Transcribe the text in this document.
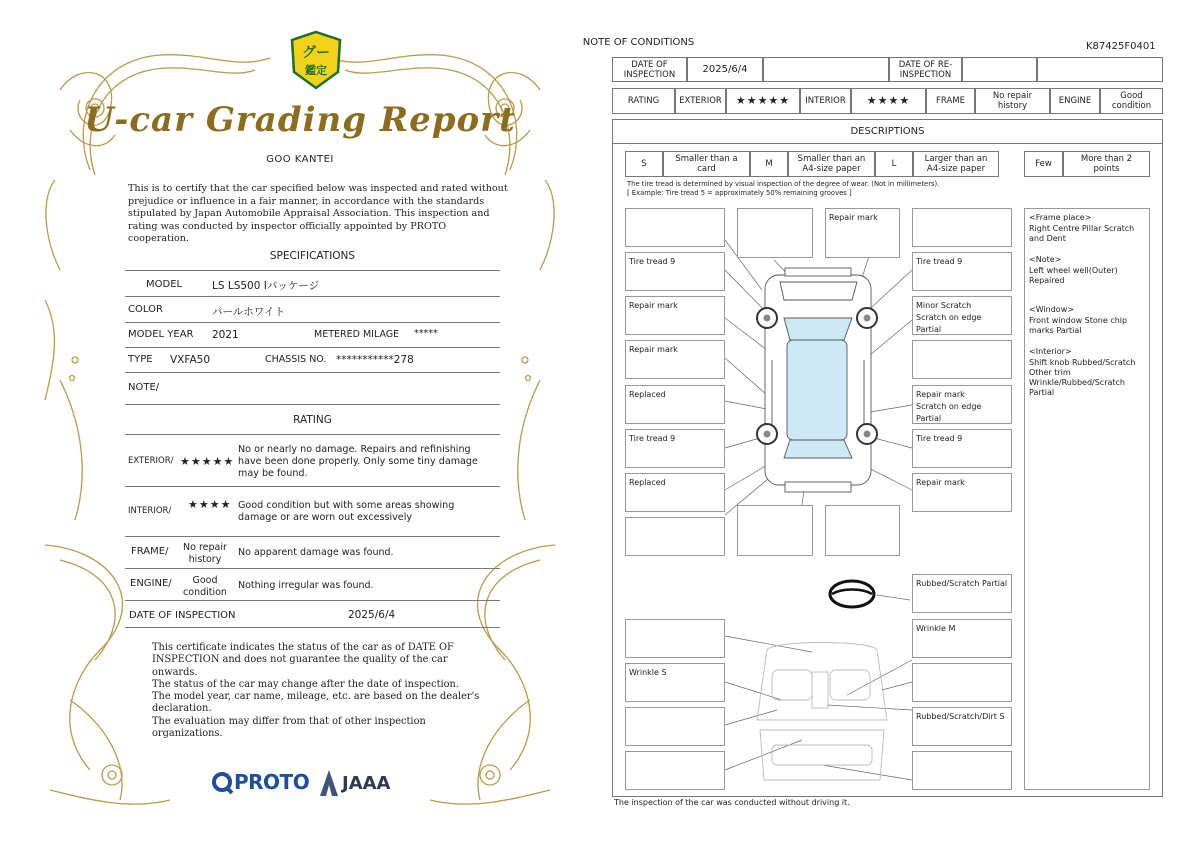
グー
鑑定
U-car Grading Report
GOO KANTEI
This is to certify that the car specified below was inspected and rated without prejudice or influence in a fair manner, in accordance with the standards stipulated by Japan Automobile Appraisal Association. This inspection and rating was conducted by inspector officially appointed by PROTO cooperation.
SPECIFICATIONS
MODEL	LS LS500 Iパッケージ
COLOR	パールホワイト
MODEL YEAR 2021	METERED MILAGE *****
TYPE VXFA50	CHASSIS NO. ***********278
NOTE/
RATING
EXTERIOR/ ★★★★★
No or nearly no damage. Repairs and refinishing have been done properly. Only some tiny damage may be found.
INTERIOR/ ★★★★ Good condition but with some areas showing damage or are worn out excessively
FRAME/	No repair history
No apparent damage was found.
ENGINE/	Good condition
Nothing irregular was found.
DATE OF INSPECTION	2025/6/4
This certificate indicates the status of the car as of DATE OF INSPECTION and does not guarantee the quality of the car onwards.
The status of the car may change after the date of inspection.
The model year, car name, mileage, etc. are based on the dealer's declaration.
The evaluation may differ from that of other inspection organizations.
PROTO JAAA
NOTE OF CONDITIONS	K87425F0401
DATE OF INSPECTION	2025/6/4	DATE OF RE-INSPECTION
RATING	EXTERIOR	★★★★★	INTERIOR	★★★★	FRAME	No repair history	ENGINE	Good condition
DESCRIPTIONS
S	Smaller than a card	M	Smaller than an A4-size paper	L	Larger than an A4-size paper	Few	More than 2 points
The tire tread is determined by visual inspection of the degree of wear. (Not in millimeters).
[ Example: Tire tread 5 = approximately 50% remaining grooves ]
Repair mark
Tire tread 9	Tire tread 9
Repair mark	Minor Scratch
Scratch on edge Partial
Repair mark
Replaced	Repair mark
Scratch on edge Partial
Tire tread 9	Tire tread 9
Replaced	Repair mark
Rubbed/Scratch Partial
Wrinkle M
Wrinkle S
Rubbed/Scratch/Dirt S
<Frame place>
Right Centre Pillar Scratch and Dent
<Note>
Left wheel well(Outer) Repaired
<Window>
Front window Stone chip marks Partial
<Interior>
Shift knob Rubbed/Scratch
Other trim
Wrinkle/Rubbed/Scratch
Partial
The inspection of the car was conducted without driving it.
